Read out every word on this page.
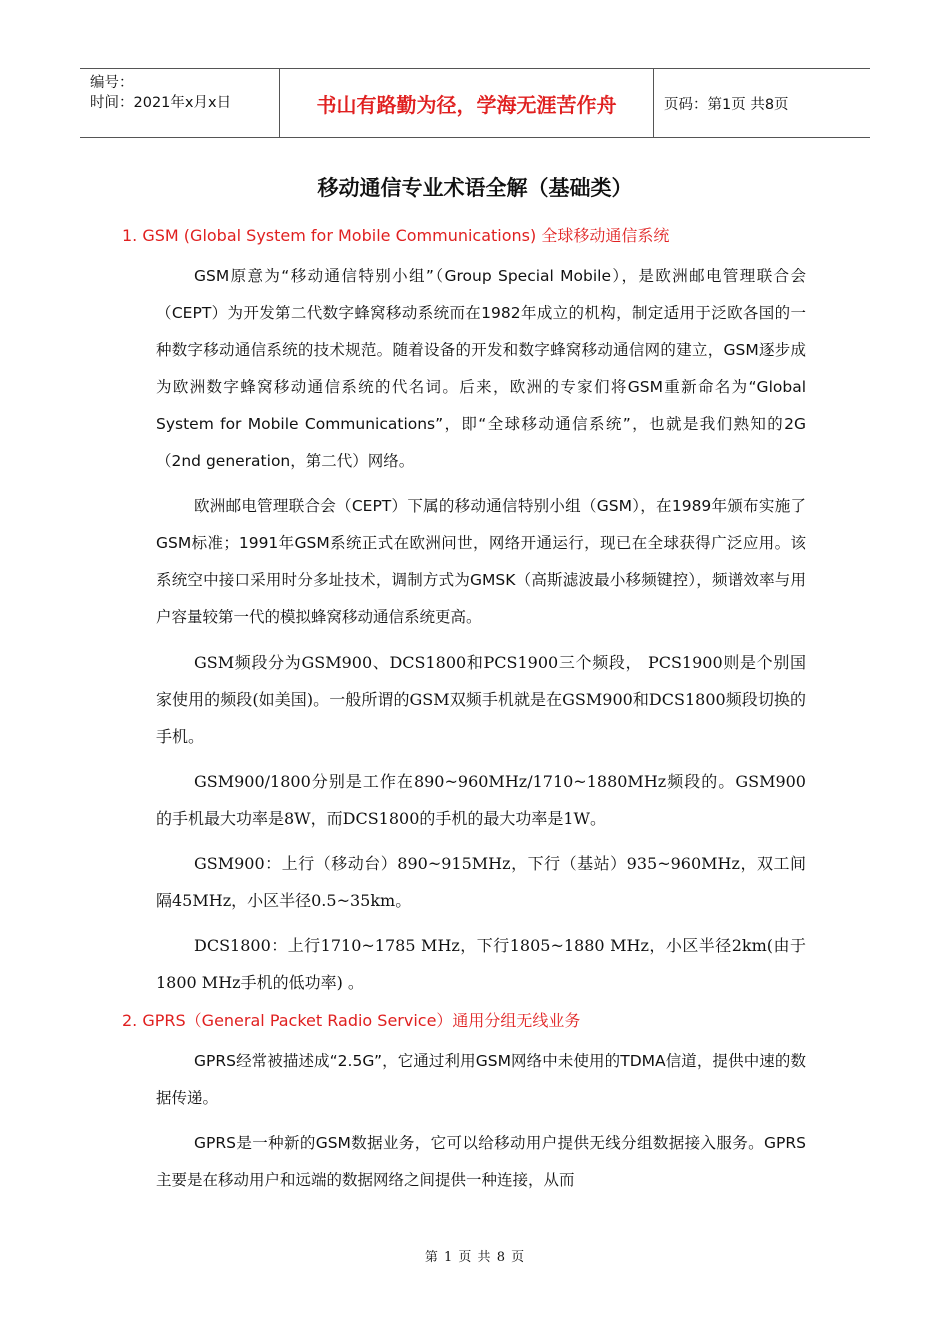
编号：
时间：2021年x月x日	书山有路勤为径，学海无涯苦作舟	页码：第1页 共8页
移动通信专业术语全解（基础类）
1. GSM (Global System for Mobile Communications) 全球移动通信系统

GSM原意为“移动通信特别小组”（Group Special Mobile），是欧洲邮电管理联合会（CEPT）为开发第二代数字蜂窝移动系统而在1982年成立的机构，制定适用于泛欧各国的一种数字移动通信系统的技术规范。随着设备的开发和数字蜂窝移动通信网的建立，GSM逐步成为欧洲数字蜂窝移动通信系统的代名词。后来，欧洲的专家们将GSM重新命名为“Global System for Mobile Communications”，即“全球移动通信系统”，也就是我们熟知的2G（2nd generation，第二代）网络。

欧洲邮电管理联合会（CEPT）下属的移动通信特别小组（GSM），在1989年颁布实施了GSM标准；1991年GSM系统正式在欧洲问世，网络开通运行，现已在全球获得广泛应用。该系统空中接口采用时分多址技术，调制方式为GMSK（高斯滤波最小移频键控），频谱效率与用户容量较第一代的模拟蜂窝移动通信系统更高。

GSM频段分为GSM900、DCS1800和PCS1900三个频段， PCS1900则是个别国家使用的频段(如美国)。一般所谓的GSM双频手机就是在GSM900和DCS1800频段切换的手机。

GSM900/1800分别是工作在890~960MHz/1710~1880MHz频段的。GSM900的手机最大功率是8W，而DCS1800的手机的最大功率是1W。

GSM900：上行（移动台）890~915MHz，下行（基站）935~960MHz，双工间隔45MHz，小区半径0.5~35km。

DCS1800：上行1710~1785 MHz，下行1805~1880 MHz，小区半径2km(由于1800 MHz手机的低功率) 。

2. GPRS（General Packet Radio Service）通用分组无线业务

GPRS经常被描述成“2.5G”，它通过利用GSM网络中未使用的TDMA信道，提供中速的数据传递。

GPRS是一种新的GSM数据业务，它可以给移动用户提供无线分组数据接入服务。GPRS主要是在移动用户和远端的数据网络之间提供一种连接，从而

第 1 页 共 8 页
